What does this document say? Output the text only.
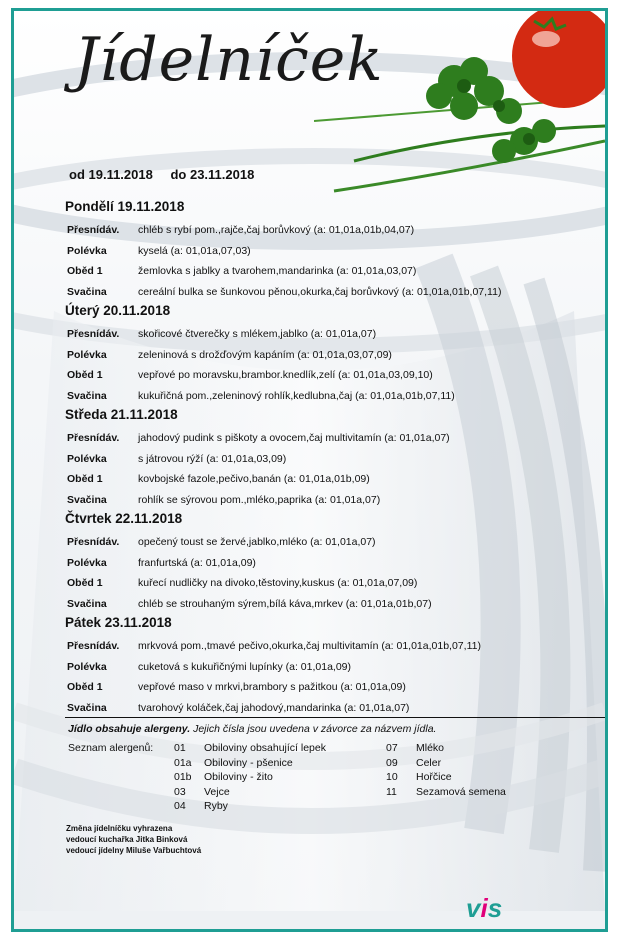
Jídelníček
od 19.11.2018 do 23.11.2018
Pondělí 19.11.2018
Přesnídáv.	chléb s rybí pom.,rajče,čaj borůvkový (a: 01,01a,01b,04,07)
Polévka	kyselá (a: 01,01a,07,03)
Oběd 1	žemlovka s jablky a tvarohem,mandarinka (a: 01,01a,03,07)
Svačina	cereální bulka se šunkovou pěnou,okurka,čaj borůvkový (a: 01,01a,01b,07,11)
Úterý 20.11.2018
Přesnídáv.	skořicové čtverečky s mlékem,jablko (a: 01,01a,07)
Polévka	zeleninová s drožďovým kapáním (a: 01,01a,03,07,09)
Oběd 1	vepřové po moravsku,brambor.knedlík,zelí (a: 01,01a,03,09,10)
Svačina	kukuřičná pom.,zeleninový rohlík,kedlubna,čaj (a: 01,01a,01b,07,11)
Středa 21.11.2018
Přesnídáv.	jahodový pudink s piškoty a ovocem,čaj multivitamín (a: 01,01a,07)
Polévka	s játrovou rýží (a: 01,01a,03,09)
Oběd 1	kovbojské fazole,pečivo,banán (a: 01,01a,01b,09)
Svačina	rohlík se sýrovou pom.,mléko,paprika (a: 01,01a,07)
Čtvrtek 22.11.2018
Přesnídáv.	opečený toust se žervé,jablko,mléko (a: 01,01a,07)
Polévka	franfurtská (a: 01,01a,09)
Oběd 1	kuřecí nudličky na divoko,těstoviny,kuskus (a: 01,01a,07,09)
Svačina	chléb se strouhaným sýrem,bílá káva,mrkev (a: 01,01a,01b,07)
Pátek 23.11.2018
Přesnídáv.	mrkvová pom.,tmavé pečivo,okurka,čaj multivitamín (a: 01,01a,01b,07,11)
Polévka	cuketová s kukuřičnými lupínky (a: 01,01a,09)
Oběd 1	vepřové maso v mrkvi,brambory s pažitkou (a: 01,01a,09)
Svačina	tvarohový koláček,čaj jahodový,mandarinka (a: 01,01a,07)
Jídlo obsahuje alergeny. Jejich čísla jsou uvedena v závorce za názvem jídla.
Seznam alergenů: 01 Obiloviny obsahující lepek
01a Obiloviny - pšenice
01b Obiloviny - žito
03 Vejce
04 Ryby
07 Mléko
09 Celer
10 Hořčice
11 Sezamová semena
Změna jídelníčku vyhrazena
vedoucí kuchařka Jitka Binková
vedoucí jídelny Miluše Vařbuchtová
vis
